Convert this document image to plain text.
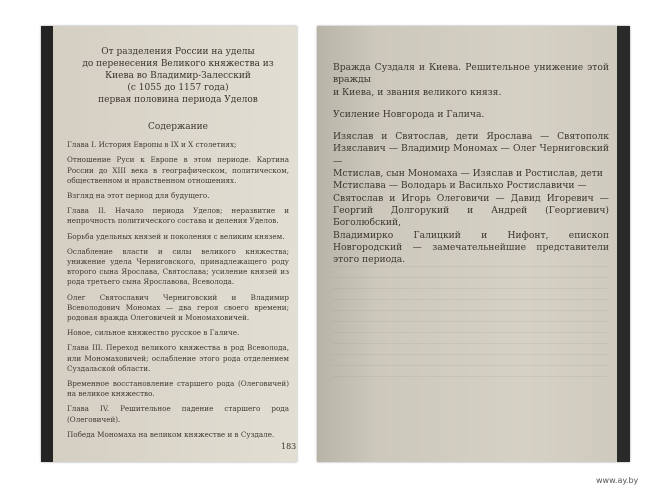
От разделения России на уделы
до перенесения Великого княжества из
Киева во Владимир-Залесский
(с 1055 до 1157 года)
первая половина периода Уделов
Содержание

Глава I. История Европы в IX и X столетиях;

Отношение Руси к Европе в этом периоде. Картина России до XIII века в географическом, политическом, общественном и нравственном отношениях.

Взгляд на этот период для будущего.

Глава II. Начало периода Уделов; неразвитие и непрочность политического состава и деления Уделов.

Борьба удельных князей и поколения с великим князем.

Ослабление власти и силы великого княжества; унижение удела Черниговского, принадлежащего роду второго сына Ярослава, Святослава; усиление князей из рода третьего сына Ярославова, Всеволода.

Олег Святославич Черниговский и Владимир Всеволодович Мономах — два героя своего времени; родовая вражда Олеговичей и Мономаховичей.

Новое, сильное княжество русское в Галиче.

Глава III. Переход великого княжества в род Всеволода, или Мономаховичей; ослабление этого рода отделением Суздальской области.

Временное восстановление старшего рода (Олеговичей) на великое княжество.

Глава IV. Решительное падение старшего рода (Олеговичей).

Победа Мономаха на великом княжестве и в Суздале.

183
Вражда Суздаля и Киева. Решительное унижение этой вражды
и Киева, и звания великого князя.
Усиление Новгорода и Галича.
Изяслав и Святослав, дети Ярослава — Святополк Изяславич — Владимир Мономах — Олег Черниговский —
Мстислав, сын Мономаха — Изяслав и Ростислав, дети
Мстислава — Володарь и Васильхо Ростиславичи —
Святослав и Игорь Олеговичи — Давид Игоревич — Георгий Долгорукий и Андрей (Георгиевич) Боголюбский,
Владимирко Галицкий и Нифонт, епископ Новгородский — замечательнейшие представители этого периода.
www.ay.by
